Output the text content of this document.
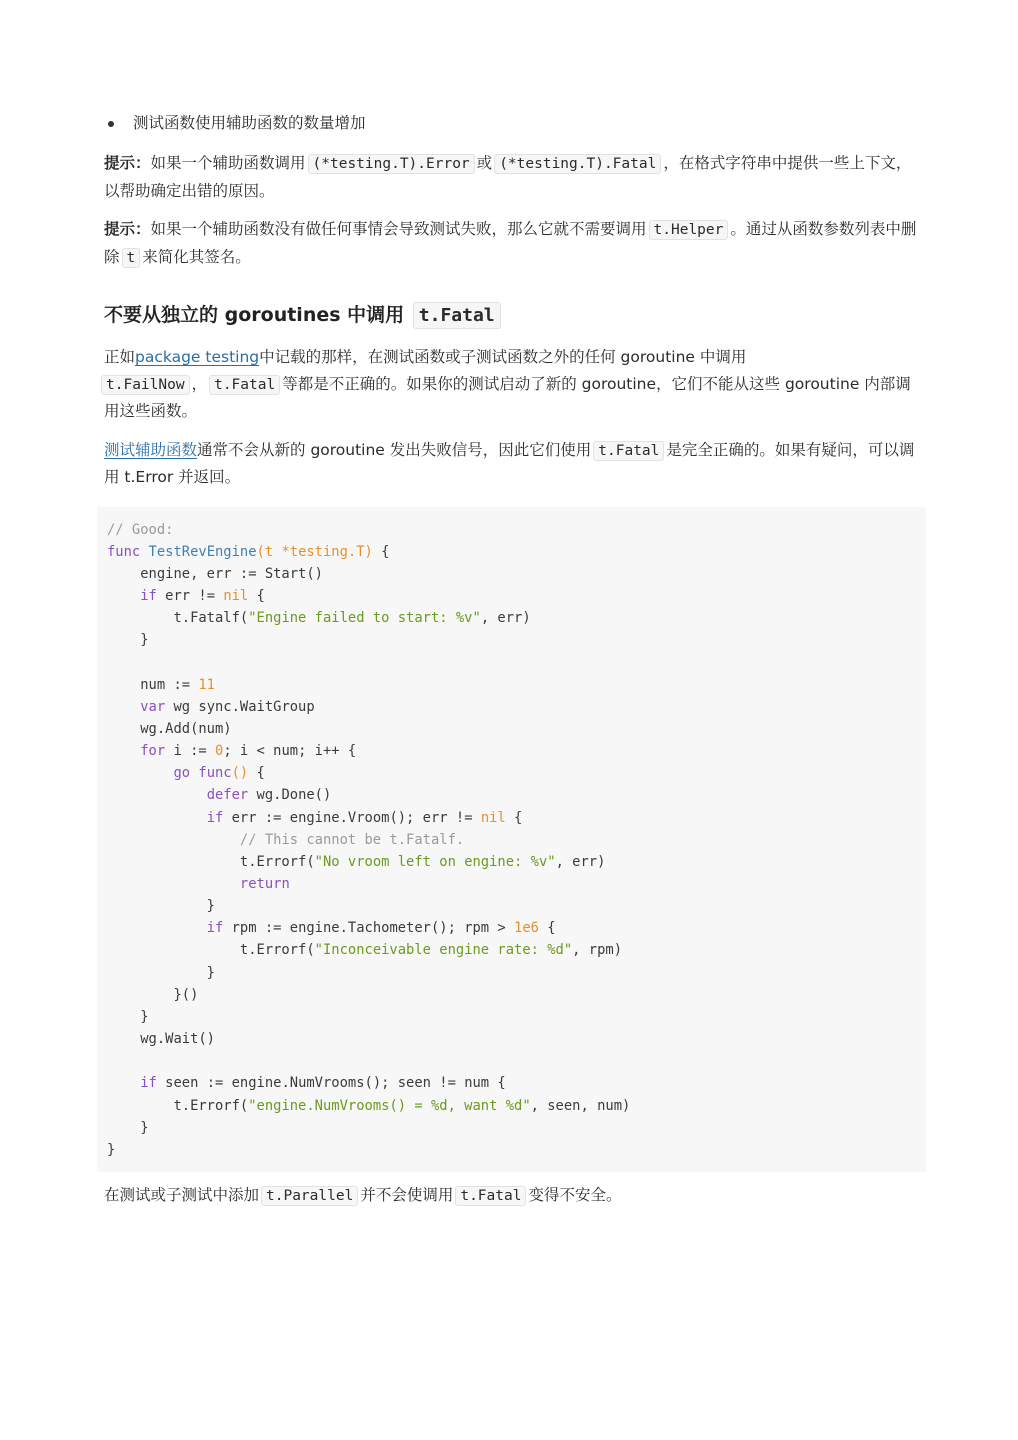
测试函数使用辅助函数的数量增加

提示：如果一个辅助函数调用 (*testing.T).Error 或 (*testing.T).Fatal ，在格式字符串中提供一些上下文，以帮助确定出错的原因。

提示：如果一个辅助函数没有做任何事情会导致测试失败，那么它就不需要调用 t.Helper 。通过从函数参数列表中删除 t 来简化其签名。

不要从独立的 goroutines 中调用 t.Fatal

正如package testing中记载的那样，在测试函数或子测试函数之外的任何 goroutine 中调用
t.FailNow ， t.Fatal 等都是不正确的。如果你的测试启动了新的 goroutine，它们不能从这些 goroutine 内部调用这些函数。

测试辅助函数通常不会从新的 goroutine 发出失败信号，因此它们使用 t.Fatal 是完全正确的。如果有疑问，可以调用 t.Error 并返回。

// Good:
func TestRevEngine(t *testing.T) {
engine, err := Start()
if err != nil {
t.Fatalf("Engine failed to start: %v", err)
}

num := 11
var wg sync.WaitGroup
wg.Add(num)
for i := 0; i < num; i++ {
go func() {
defer wg.Done()
if err := engine.Vroom(); err != nil {
// This cannot be t.Fatalf.
t.Errorf("No vroom left on engine: %v", err)
return
}
if rpm := engine.Tachometer(); rpm > 1e6 {
t.Errorf("Inconceivable engine rate: %d", rpm)
}
}()
}
wg.Wait()

if seen := engine.NumVrooms(); seen != num {
t.Errorf("engine.NumVrooms() = %d, want %d", seen, num)
}
}

在测试或子测试中添加 t.Parallel 并不会使调用 t.Fatal 变得不安全。
